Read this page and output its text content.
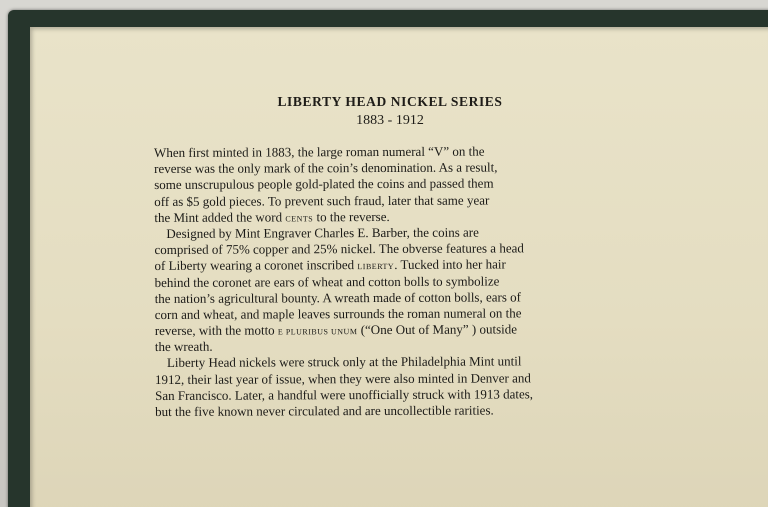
LIBERTY HEAD NICKEL SERIES
1883 - 1912
When first minted in 1883, the large roman numeral “V” on the
reverse was the only mark of the coin’s denomination. As a result,
some unscrupulous people gold-plated the coins and passed them
off as $5 gold pieces. To prevent such fraud, later that same year
the Mint added the word CENTS to the reverse.
Designed by Mint Engraver Charles E. Barber, the coins are
comprised of 75% copper and 25% nickel. The obverse features a head
of Liberty wearing a coronet inscribed LIBERTY. Tucked into her hair
behind the coronet are ears of wheat and cotton bolls to symbolize
the nation’s agricultural bounty. A wreath made of cotton bolls, ears of
corn and wheat, and maple leaves surrounds the roman numeral on the
reverse, with the motto E PLURIBUS UNUM (“One Out of Many” ) outside
the wreath.
Liberty Head nickels were struck only at the Philadelphia Mint until
1912, their last year of issue, when they were also minted in Denver and
San Francisco. Later, a handful were unofficially struck with 1913 dates,
but the five known never circulated and are uncollectible rarities.
